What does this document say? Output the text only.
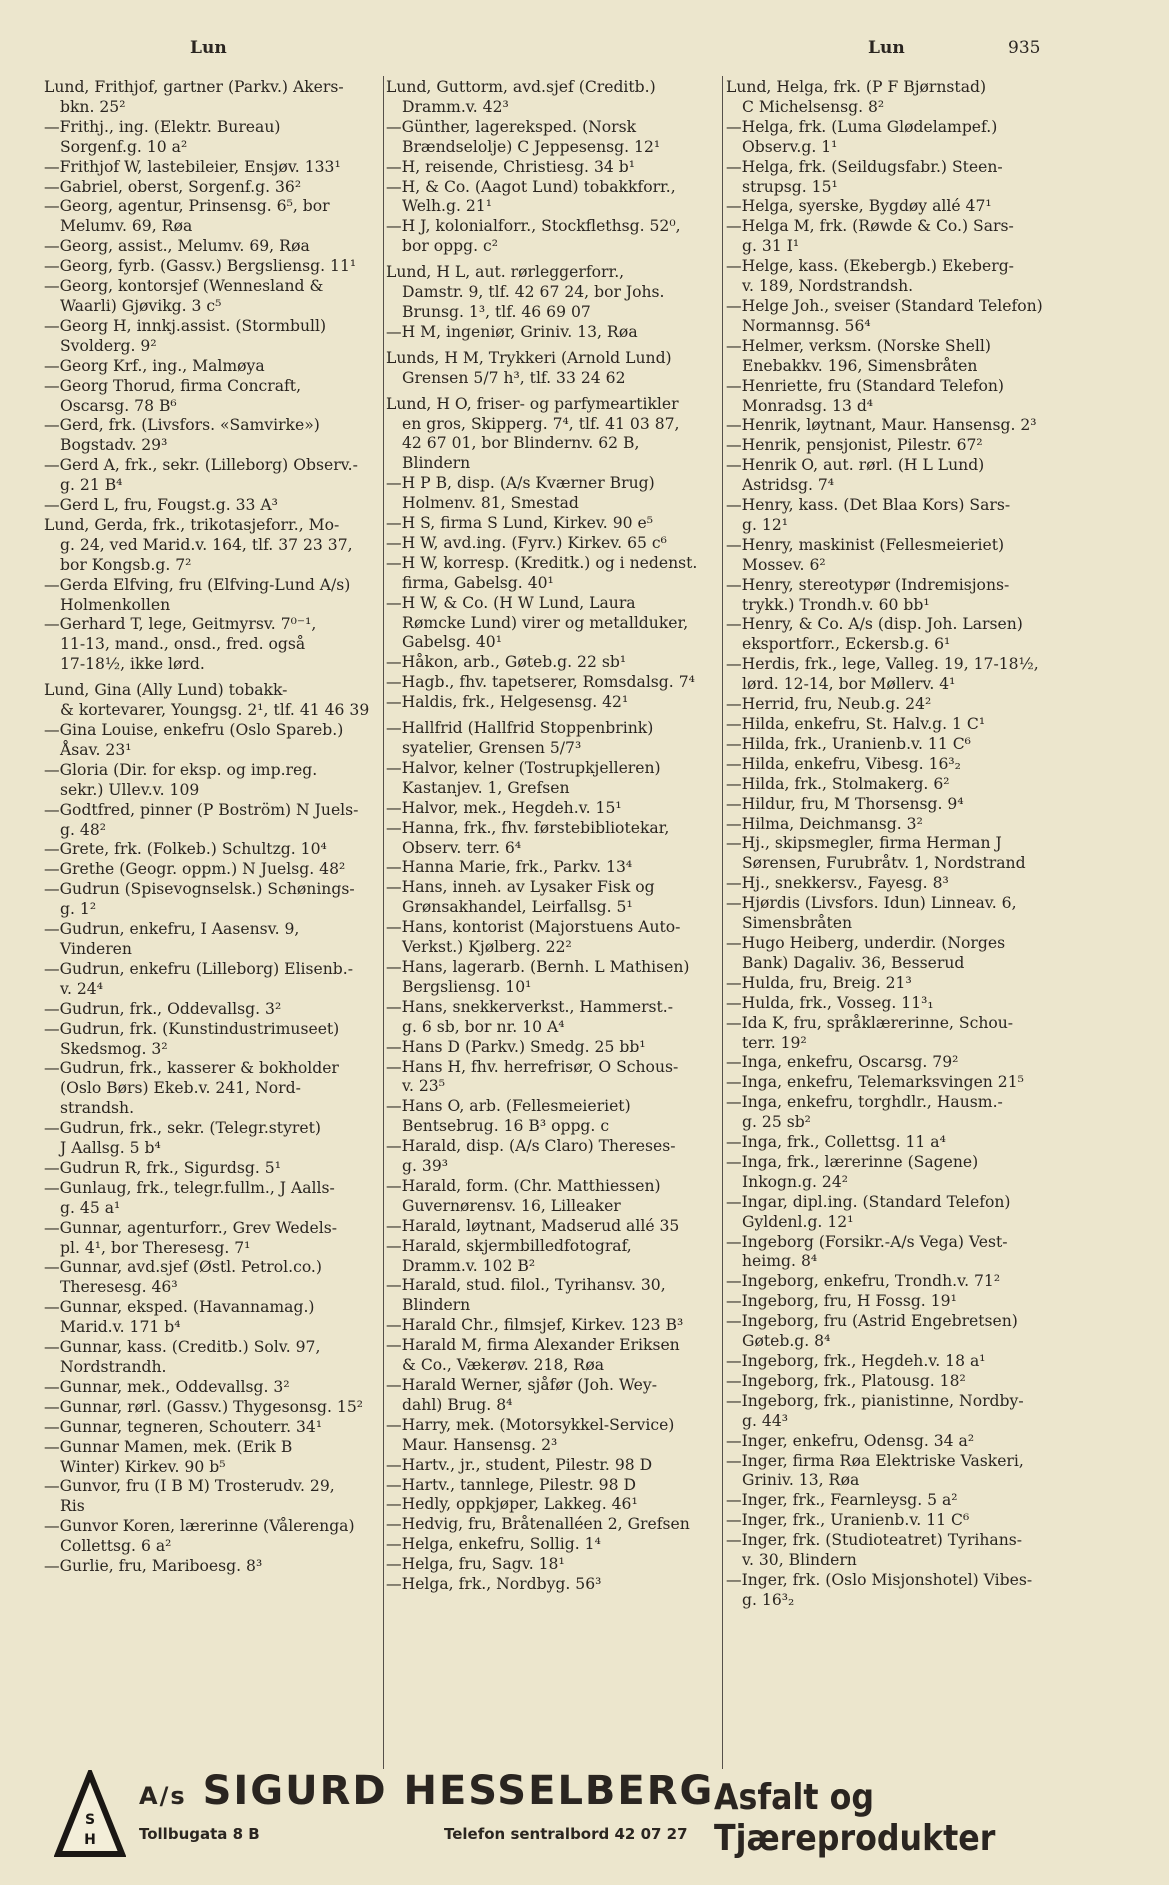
Lun	Lun	935
Lund, Frithjof, gartner (Parkv.) Akers-
bkn. 25²
—Frithj., ing. (Elektr. Bureau)
Sorgenf.g. 10 a²
—Frithjof W, lastebileier, Ensjøv. 133¹
—Gabriel, oberst, Sorgenf.g. 36²
—Georg, agentur, Prinsensg. 6⁵, bor
Melumv. 69, Røa
—Georg, assist., Melumv. 69, Røa
—Georg, fyrb. (Gassv.) Bergsliensg. 11¹
—Georg, kontorsjef (Wennesland &
Waarli) Gjøvikg. 3 c⁵
—Georg H, innkj.assist. (Stormbull)
Svolderg. 9²
—Georg Krf., ing., Malmøya
—Georg Thorud, firma Concraft,
Oscarsg. 78 B⁶
—Gerd, frk. (Livsfors. «Samvirke»)
Bogstadv. 29³
—Gerd A, frk., sekr. (Lilleborg) Observ.-
g. 21 B⁴
—Gerd L, fru, Fougst.g. 33 A³
Lund, Gerda, frk., trikotasjeforr., Mo-
g. 24, ved Marid.v. 164, tlf. 37 23 37,
bor Kongsb.g. 7²
—Gerda Elfving, fru (Elfving-Lund A/s)
Holmenkollen
—Gerhard T, lege, Geitmyrsv. 7⁰⁻¹,
11-13, mand., onsd., fred. også
17-18½, ikke lørd.
Lund, Gina (Ally Lund) tobakk-
& kortevarer, Youngsg. 2¹, tlf. 41 46 39
—Gina Louise, enkefru (Oslo Spareb.)
Åsav. 23¹
—Gloria (Dir. for eksp. og imp.reg.
sekr.) Ullev.v. 109
—Godtfred, pinner (P Boström) N Juels-
g. 48²
—Grete, frk. (Folkeb.) Schultzg. 10⁴
—Grethe (Geogr. oppm.) N Juelsg. 48²
—Gudrun (Spisevognselsk.) Schønings-
g. 1²
—Gudrun, enkefru, I Aasensv. 9,
Vinderen
—Gudrun, enkefru (Lilleborg) Elisenb.-
v. 24⁴
—Gudrun, frk., Oddevallsg. 3²
—Gudrun, frk. (Kunstindustrimuseet)
Skedsmog. 3²
—Gudrun, frk., kasserer & bokholder
(Oslo Børs) Ekeb.v. 241, Nord-
strandsh.
—Gudrun, frk., sekr. (Telegr.styret)
J Aallsg. 5 b⁴
—Gudrun R, frk., Sigurdsg. 5¹
—Gunlaug, frk., telegr.fullm., J Aalls-
g. 45 a¹
—Gunnar, agenturforr., Grev Wedels-
pl. 4¹, bor Theresesg. 7¹
—Gunnar, avd.sjef (Østl. Petrol.co.)
Theresesg. 46³
—Gunnar, eksped. (Havannamag.)
Marid.v. 171 b⁴
—Gunnar, kass. (Creditb.) Solv. 97,
Nordstrandh.
—Gunnar, mek., Oddevallsg. 3²
—Gunnar, rørl. (Gassv.) Thygesonsg. 15²
—Gunnar, tegneren, Schouterr. 34¹
—Gunnar Mamen, mek. (Erik B
Winter) Kirkev. 90 b⁵
—Gunvor, fru (I B M) Trosterudv. 29,
Ris
—Gunvor Koren, lærerinne (Vålerenga)
Collettsg. 6 a²
—Gurlie, fru, Mariboesg. 8³
Lund, Guttorm, avd.sjef (Creditb.)
Dramm.v. 42³
—Günther, lagereksped. (Norsk
Brændselolje) C Jeppesensg. 12¹
—H, reisende, Christiesg. 34 b¹
—H, & Co. (Aagot Lund) tobakkforr.,
Welh.g. 21¹
—H J, kolonialforr., Stockflethsg. 52⁰,
bor oppg. c²
Lund, H L, aut. rørleggerforr.,
Damstr. 9, tlf. 42 67 24, bor Johs.
Brunsg. 1³, tlf. 46 69 07
—H M, ingeniør, Griniv. 13, Røa
Lunds, H M, Trykkeri (Arnold Lund)
Grensen 5/7 h³, tlf. 33 24 62
Lund, H O, friser- og parfymeartikler
en gros, Skipperg. 7⁴, tlf. 41 03 87,
42 67 01, bor Blindernv. 62 B,
Blindern
—H P B, disp. (A/s Kværner Brug)
Holmenv. 81, Smestad
—H S, firma S Lund, Kirkev. 90 e⁵
—H W, avd.ing. (Fyrv.) Kirkev. 65 c⁶
—H W, korresp. (Kreditk.) og i nedenst.
firma, Gabelsg. 40¹
—H W, & Co. (H W Lund, Laura
Rømcke Lund) virer og metallduker,
Gabelsg. 40¹
—Håkon, arb., Gøteb.g. 22 sb¹
—Hagb., fhv. tapetserer, Romsdalsg. 7⁴
—Haldis, frk., Helgesensg. 42¹
—Hallfrid (Hallfrid Stoppenbrink)
syatelier, Grensen 5/7³
—Halvor, kelner (Tostrupkjelleren)
Kastanjev. 1, Grefsen
—Halvor, mek., Hegdeh.v. 15¹
—Hanna, frk., fhv. førstebibliotekar,
Observ. terr. 6⁴
—Hanna Marie, frk., Parkv. 13⁴
—Hans, inneh. av Lysaker Fisk og
Grønsakhandel, Leirfallsg. 5¹
—Hans, kontorist (Majorstuens Auto-
Verkst.) Kjølberg. 22²
—Hans, lagerarb. (Bernh. L Mathisen)
Bergsliensg. 10¹
—Hans, snekkerverkst., Hammerst.-
g. 6 sb, bor nr. 10 A⁴
—Hans D (Parkv.) Smedg. 25 bb¹
—Hans H, fhv. herrefrisør, O Schous-
v. 23⁵
—Hans O, arb. (Fellesmeieriet)
Bentsebrug. 16 B³ oppg. c
—Harald, disp. (A/s Claro) Thereses-
g. 39³
—Harald, form. (Chr. Matthiessen)
Guvernørensv. 16, Lilleaker
—Harald, løytnant, Madserud allé 35
—Harald, skjermbilledfotograf,
Dramm.v. 102 B²
—Harald, stud. filol., Tyrihansv. 30,
Blindern
—Harald Chr., filmsjef, Kirkev. 123 B³
—Harald M, firma Alexander Eriksen
& Co., Vækerøv. 218, Røa
—Harald Werner, sjåfør (Joh. Wey-
dahl) Brug. 8⁴
—Harry, mek. (Motorsykkel-Service)
Maur. Hansensg. 2³
—Hartv., jr., student, Pilestr. 98 D
—Hartv., tannlege, Pilestr. 98 D
—Hedly, oppkjøper, Lakkeg. 46¹
—Hedvig, fru, Bråtenalléen 2, Grefsen
—Helga, enkefru, Sollig. 1⁴
—Helga, fru, Sagv. 18¹
—Helga, frk., Nordbyg. 56³
Lund, Helga, frk. (P F Bjørnstad)
C Michelsensg. 8²
—Helga, frk. (Luma Glødelampef.)
Observ.g. 1¹
—Helga, frk. (Seildugsfabr.) Steen-
strupsg. 15¹
—Helga, syerske, Bygdøy allé 47¹
—Helga M, frk. (Røwde & Co.) Sars-
g. 31 I¹
—Helge, kass. (Ekebergb.) Ekeberg-
v. 189, Nordstrandsh.
—Helge Joh., sveiser (Standard Telefon)
Normannsg. 56⁴
—Helmer, verksm. (Norske Shell)
Enebakkv. 196, Simensbråten
—Henriette, fru (Standard Telefon)
Monradsg. 13 d⁴
—Henrik, løytnant, Maur. Hansensg. 2³
—Henrik, pensjonist, Pilestr. 67²
—Henrik O, aut. rørl. (H L Lund)
Astridsg. 7⁴
—Henry, kass. (Det Blaa Kors) Sars-
g. 12¹
—Henry, maskinist (Fellesmeieriet)
Mossev. 6²
—Henry, stereotypør (Indremisjons-
trykk.) Trondh.v. 60 bb¹
—Henry, & Co. A/s (disp. Joh. Larsen)
eksportforr., Eckersb.g. 6¹
—Herdis, frk., lege, Valleg. 19, 17-18½,
lørd. 12-14, bor Møllerv. 4¹
—Herrid, fru, Neub.g. 24²
—Hilda, enkefru, St. Halv.g. 1 C¹
—Hilda, frk., Uranienb.v. 11 C⁶
—Hilda, enkefru, Vibesg. 16³₂
—Hilda, frk., Stolmakerg. 6²
—Hildur, fru, M Thorsensg. 9⁴
—Hilma, Deichmansg. 3²
—Hj., skipsmegler, firma Herman J
Sørensen, Furubråtv. 1, Nordstrand
—Hj., snekkersv., Fayesg. 8³
—Hjørdis (Livsfors. Idun) Linneav. 6,
Simensbråten
—Hugo Heiberg, underdir. (Norges
Bank) Dagaliv. 36, Besserud
—Hulda, fru, Breig. 21³
—Hulda, frk., Vosseg. 11³₁
—Ida K, fru, språklærerinne, Schou-
terr. 19²
—Inga, enkefru, Oscarsg. 79²
—Inga, enkefru, Telemarksvingen 21⁵
—Inga, enkefru, torghdlr., Hausm.-
g. 25 sb²
—Inga, frk., Collettsg. 11 a⁴
—Inga, frk., lærerinne (Sagene)
Inkogn.g. 24²
—Ingar, dipl.ing. (Standard Telefon)
Gyldenl.g. 12¹
—Ingeborg (Forsikr.-A/s Vega) Vest-
heimg. 8⁴
—Ingeborg, enkefru, Trondh.v. 71²
—Ingeborg, fru, H Fossg. 19¹
—Ingeborg, fru (Astrid Engebretsen)
Gøteb.g. 8⁴
—Ingeborg, frk., Hegdeh.v. 18 a¹
—Ingeborg, frk., Platousg. 18²
—Ingeborg, frk., pianistinne, Nordby-
g. 44³
—Inger, enkefru, Odensg. 34 a²
—Inger, firma Røa Elektriske Vaskeri,
Griniv. 13, Røa
—Inger, frk., Fearnleysg. 5 a²
—Inger, frk., Uranienb.v. 11 C⁶
—Inger, frk. (Studioteatret) Tyrihans-
v. 30, Blindern
—Inger, frk. (Oslo Misjonshotel) Vibes-
g. 16³₂
S
H
A/s SIGURD HESSELBERG
Tollbugata 8 B	Telefon sentralbord 42 07 27
Asfalt og Tjæreprodukter
